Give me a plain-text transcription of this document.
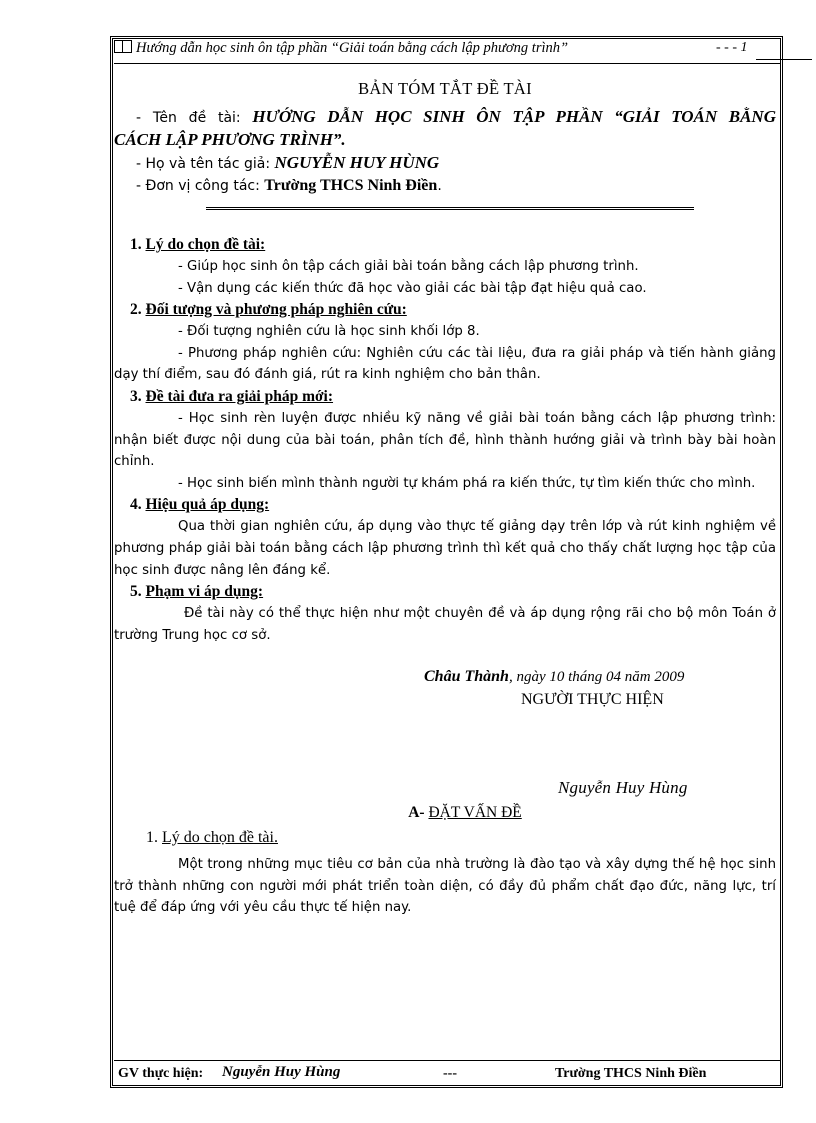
Hướng dẫn học sinh ôn tập phần “Giải toán bằng cách lập phương trình”	- - - 1
BẢN TÓM TẮT ĐỀ TÀI
- Tên đề tài: HƯỚNG DẪN HỌC SINH ÔN TẬP PHẦN “GIẢI TOÁN BẰNG
CÁCH LẬP PHƯƠNG TRÌNH”.
- Họ và tên tác giả: NGUYỄN HUY HÙNG
- Đơn vị công tác: Trường THCS Ninh Điền.
1. Lý do chọn đề tài:
- Giúp học sinh ôn tập cách giải bài toán bằng cách lập phương trình.
- Vận dụng các kiến thức đã học vào giải các bài tập đạt hiệu quả cao.
2. Đối tượng và phương pháp nghiên cứu:
- Đối tượng nghiên cứu là học sinh khối lớp 8.
- Phương pháp nghiên cứu: Nghiên cứu các tài liệu, đưa ra giải pháp và tiến hành giảng dạy thí điểm, sau đó đánh giá, rút ra kinh nghiệm cho bản thân.
3. Đề tài đưa ra giải pháp mới:
- Học sinh rèn luyện được nhiều kỹ năng về giải bài toán bằng cách lập phương trình: nhận biết được nội dung của bài toán, phân tích đề, hình thành hướng giải và trình bày bài hoàn chỉnh.
- Học sinh biến mình thành người tự khám phá ra kiến thức, tự tìm kiến thức cho mình.
4. Hiệu quả áp dụng:
Qua thời gian nghiên cứu, áp dụng vào thực tế giảng dạy trên lớp và rút kinh nghiệm về phương pháp giải bài toán bằng cách lập phương trình thì kết quả cho thấy chất lượng học tập của học sinh được nâng lên đáng kể.
5. Phạm vi áp dụng:
Đề tài này có thể thực hiện như một chuyên đề và áp dụng rộng rãi cho bộ môn Toán ở trường Trung học cơ sở.
Châu Thành, ngày 10 tháng 04 năm 2009
NGƯỜI THỰC HIỆN
Nguyễn Huy Hùng
A- ĐẶT VẤN ĐỀ
1. Lý do chọn đề tài.
Một trong những mục tiêu cơ bản của nhà trường là đào tạo và xây dựng thế hệ học sinh trở thành những con người mới phát triển toàn diện, có đầy đủ phẩm chất đạo đức, năng lực, trí tuệ để đáp ứng với yêu cầu thực tế hiện nay.
GV thực hiện: Nguyễn Huy Hùng	---	Trường THCS Ninh Điền
